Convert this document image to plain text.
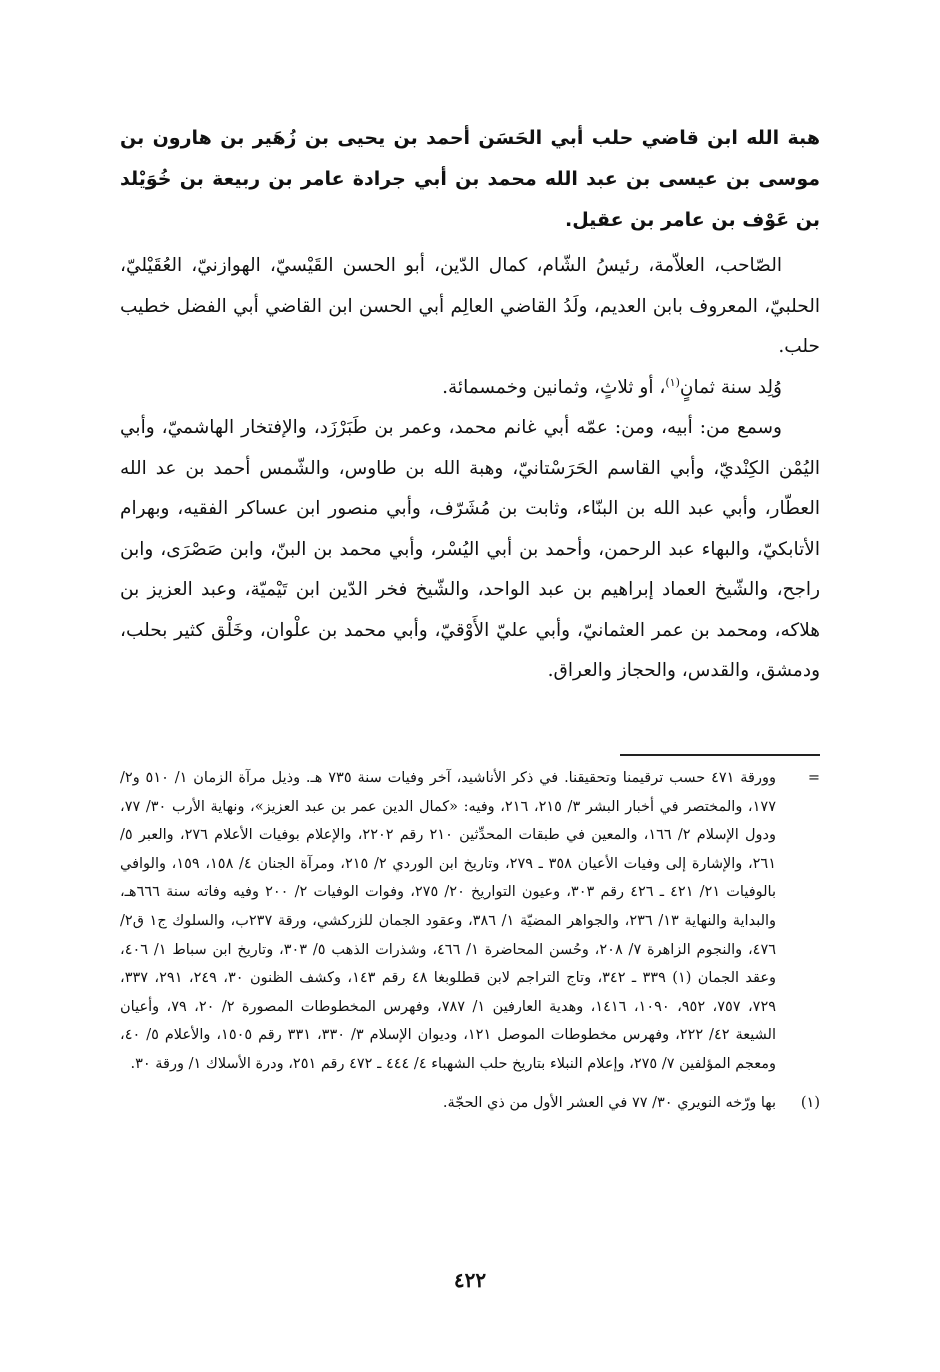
هبة الله ابن قاضي حلب أبي الحَسَن أحمد بن يحيى بن زُهَير بن هارون بن موسى بن عيسى بن عبد الله محمد بن أبي جرادة عامر بن ربيعة بن خُوَيْلد بن عَوْف بن عامر بن عقيل.

الصّاحب، العلاّمة، رئيسُ الشّام، كمال الدّين، أبو الحسن القَيْسيّ، الهوازنيّ، العُقَيْليّ، الحلبيّ، المعروف بابن العديم، ولَدُ القاضي العالِم أبي الحسن ابن القاضي أبي الفضل خطيب حلب.

وُلِد سنة ثمانٍ$^{(١)}$، أو ثلاثٍ، وثمانين وخمسمائة.

وسمع من: أبيه، ومن: عمّه أبي غانم محمد، وعمر بن طَبَرْزَد، والإفتخار الهاشميّ، وأبي اليُمْن الكِنْديّ، وأبي القاسم الحَرَسْتانيّ، وهبة الله بن طاوس، والشّمس أحمد بن عد الله العطّار، وأبي عبد الله بن البنّاء، وثابت بن مُشَرّف، وأبي منصور ابن عساكر الفقيه، وبهرام الأتابكيّ، والبهاء عبد الرحمن، وأحمد بن أبي اليُسْر، وأبي محمد بن البنّ، وابن صَصْرَى، وابن راجح، والشّيخ العماد إبراهيم بن عبد الواحد، والشّيخ فخر الدّين ابن تَيْميّة، وعبد العزيز بن هلاكه، ومحمد بن عمر العثمانيّ، وأبي عليّ الأَوْقيّ، وأبي محمد بن علْوان، وخَلْق كثير بحلب، ودمشق، والقدس، والحجاز والعراق.

=
وورقة ٤٧١ حسب ترقيمنا وتحقيقنا. في ذكر الأناشيد، آخر وفيات سنة ٧٣٥ هـ. وذيل مرآة الزمان ١/ ٥١٠ و٢/ ١٧٧، والمختصر في أخبار البشر ٣/ ٢١٥، ٢١٦، وفيه: «كمال الدين عمر بن عبد العزيز»، ونهاية الأرب ٣٠/ ٧٧، ودول الإسلام ٢/ ١٦٦، والمعين في طبقات المحدِّثين ٢١٠ رقم ٢٢٠٢، والإعلام بوفيات الأعلام ٢٧٦، والعبر ٥/ ٢٦١، والإشارة إلى وفيات الأعيان ٣٥٨ ـ ٢٧٩، وتاريخ ابن الوردي ٢/ ٢١٥، ومرآة الجنان ٤/ ١٥٨، ١٥٩، والوافي بالوفيات ٢١/ ٤٢١ ـ ٤٢٦ رقم ٣٠٣، وعيون التواريخ ٢٠/ ٢٧٥، وفوات الوفيات ٢/ ٢٠٠ وفيه وفاته سنة ٦٦٦هـ، والبداية والنهاية ١٣/ ٢٣٦، والجواهر المضيّة ١/ ٣٨٦، وعقود الجمان للزركشي، ورقة ٢٣٧ب، والسلوك ج١ ق٢/ ٤٧٦، والنجوم الزاهرة ٧/ ٢٠٨، وحُسن المحاضرة ١/ ٤٦٦، وشذرات الذهب ٥/ ٣٠٣، وتاريخ ابن سباط ١/ ٤٠٦، وعقد الجمان (١) ٣٣٩ ـ ٣٤٢، وتاج التراجم لابن قطلوبغا ٤٨ رقم ١٤٣، وكشف الظنون ٣٠، ٢٤٩، ٢٩١، ٣٣٧، ٧٢٩، ٧٥٧، ٩٥٢، ١٠٩٠، ١٤١٦، وهدية العارفين ١/ ٧٨٧، وفهرس المخطوطات المصورة ٢/ ٢٠، ٧٩، وأعيان الشيعة ٤٢/ ٢٢٢، وفهرس مخطوطات الموصل ١٢١، وديوان الإسلام ٣/ ٣٣٠، ٣٣١ رقم ١٥٠٥، والأعلام ٥/ ٤٠، ومعجم المؤلفين ٧/ ٢٧٥، وإعلام النبلاء بتاريخ حلب الشهباء ٤/ ٤٤٤ ـ ٤٧٢ رقم ٢٥١، ودرة الأسلاك ١/ ورقة ٣٠.
(١)
بها ورّخه النويري ٣٠/ ٧٧ في العشر الأول من ذي الحجّة.
٤٢٢
